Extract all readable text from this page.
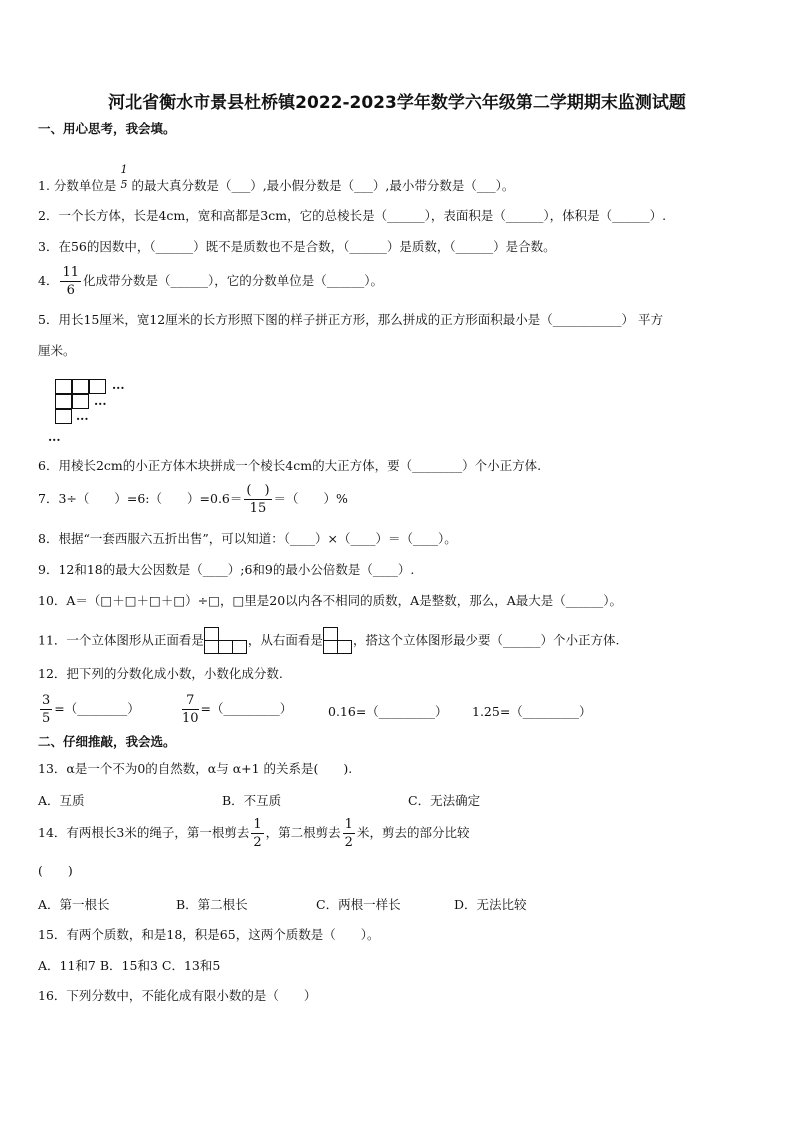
河北省衡水市景县杜桥镇2022-2023学年数学六年级第二学期期末监测试题
一、用心思考，我会填。
1. 分数单位是
1
5 的最大真分数是（___）,最小假分数是（___）,最小带分数是（___）。
2．一个长方体，长是4cm，宽和高都是3cm，它的总棱长是（______），表面积是（______），体积是（______）.
3．在56的因数中，（______）既不是质数也不是合数，（______）是质数，（______）是合数。
4． $\frac{11}{6}$ 化成带分数是（______），它的分数单位是（______）。
5．用长15厘米，宽12厘米的长方形照下图的样子拼正方形，那么拼成的正方形面积最小是（___________） 平方
厘米。
...
...
...
...
6．用棱长2cm的小正方体木块拼成一个棱长4cm的大正方体，要（________）个小正方体.
7．3÷（　　）=6:（　　）$=0.6= \frac{( )}{15}$ ＝（　　）%
8．根据“一套西服六五折出售”，可以知道：（____）×（____）＝（____）。
9．12和18的最大公因数是（____）;6和9的最小公倍数是（____）.
10．A＝（□＋□＋□＋□）÷□，□里是20以内各不相同的质数，A是整数，那么，A最大是（______）。
11．一个立体图形从正面看是	，从右面看是 ，搭这个立体图形最少要（______）个小正方体.
12．把下列的分数化成小数，小数化成分数.
$\frac{3}{5}$ =（________）	$\frac{7}{10}$ =（_________）	0.16=（_________） 1.25=（_________）
二、仔细推敲，我会选。
13．α是一个不为0的自然数，α与 α+1 的关系是(　　).
A．互质	B．不互质	C．无法确定
14．有两根长3米的绳子，第一根剪去 $\frac{1}{2}$ ，第二根剪去 $\frac{1}{2}$ 米，剪去的部分比较
(　　)
A．第一根长	B．第二根长	C．两根一样长	D．无法比较
15．有两个质数，和是18，积是65，这两个质数是（　　）。
A．11和7 B．15和3 C．13和5
16．下列分数中，不能化成有限小数的是（　　）
